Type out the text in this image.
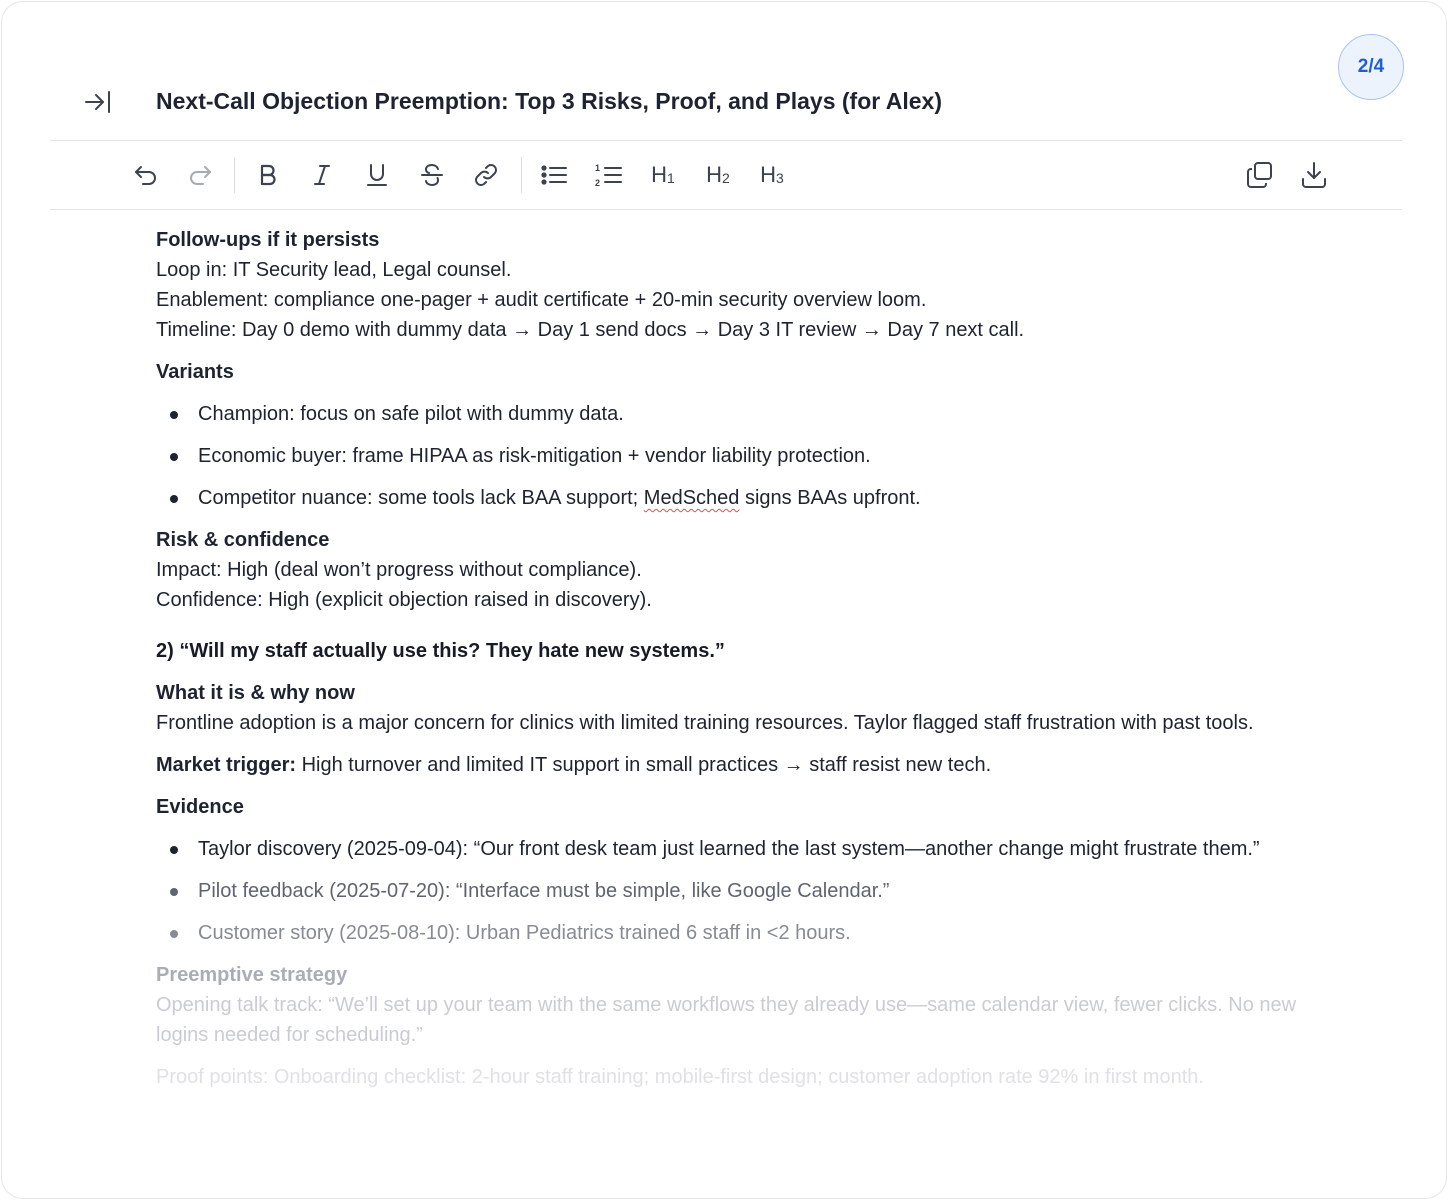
2/4
Next-Call Objection Preemption: Top 3 Risks, Proof, and Plays (for Alex)
1
2 $H_1$ $H_2$ $H_3$

Follow-ups if it persists

Loop in: IT Security lead, Legal counsel.

Enablement: compliance one-pager + audit certificate + 20-min security overview loom.

Timeline: Day 0 demo with dummy data → Day 1 send docs → Day 3 IT review → Day 7 next call.

Variants

Champion: focus on safe pilot with dummy data.
Economic buyer: frame HIPAA as risk-mitigation + vendor liability protection.
Competitor nuance: some tools lack BAA support; MedSched signs BAAs upfront.

Risk & confidence

Impact: High (deal won’t progress without compliance).

Confidence: High (explicit objection raised in discovery).

2) “Will my staff actually use this? They hate new systems.”

What it is & why now

Frontline adoption is a major concern for clinics with limited training resources. Taylor flagged staff frustration with past tools.

Market trigger: High turnover and limited IT support in small practices → staff resist new tech.

Evidence

Taylor discovery (2025-09-04): “Our front desk team just learned the last system—another change might frustrate them.”
Pilot feedback (2025-07-20): “Interface must be simple, like Google Calendar.”
Customer story (2025-08-10): Urban Pediatrics trained 6 staff in <2 hours.

Preemptive strategy

Opening talk track: “We’ll set up your team with the same workflows they already use—same calendar view, fewer clicks. No new logins needed for scheduling.”

Proof points: Onboarding checklist: 2-hour staff training; mobile-first design; customer adoption rate 92% in first month.
